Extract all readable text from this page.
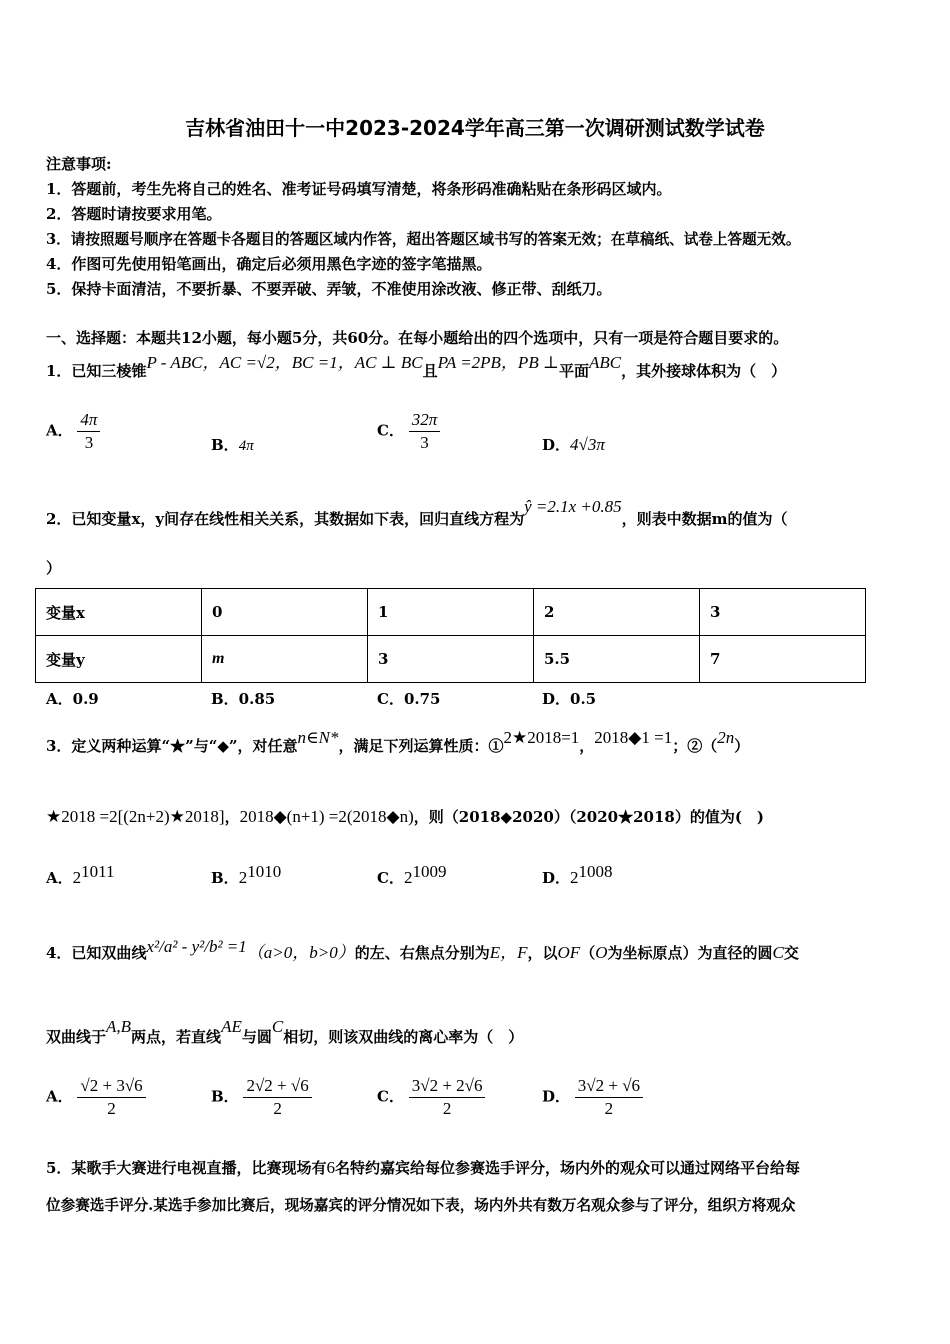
吉林省油田十一中2023-2024学年高三第一次调研测试数学试卷
注意事项:
1．答题前，考生先将自己的姓名、准考证号码填写清楚，将条形码准确粘贴在条形码区域内。
2．答题时请按要求用笔。
3．请按照题号顺序在答题卡各题目的答题区域内作答，超出答题区域书写的答案无效；在草稿纸、试卷上答题无效。
4．作图可先使用铅笔画出，确定后必须用黑色字迹的签字笔描黑。
5．保持卡面清洁，不要折暴、不要弄破、弄皱，不准使用涂改液、修正带、刮纸刀。
一、选择题：本题共12小题，每小题5分，共60分。在每小题给出的四个选项中，只有一项是符合题目要求的。
1．已知三棱锥P - ABC，AC =√2，BC =1，AC ⊥ BC且PA =2PB，PB ⊥平面ABC，其外接球体积为（　）
A． $\frac{4\pi}{3}$	B．4π
C． $\frac{32\pi}{3}$	D．4√3π
2．已知变量x，y间存在线性相关关系，其数据如下表，回归直线方程为ŷ =2.1x +0.85，则表中数据m的值为（
）
变量x	0	1	2	3
变量y	m	3	5.5	7
A．0.9	B．0.85	C．0.75	D．0.5
3．定义两种运算“★”与“◆”，对任意n∈N*，满足下列运算性质：①2★2018=1，2018◆1 =1；②（2n）
★2018 =2[(2n+2)★2018]，2018◆(n+1) =2(2018◆n)，则（2018◆2020）（2020★2018）的值为(　)
A．$2^{1011}$	B．$2^{1010}$	C．$2^{1009}$	D．$2^{1008}$
4．已知双曲线x²/a² - y²/b² =1（a>0，b>0）的左、右焦点分别为E，F，以OF（O为坐标原点）为直径的圆C交
双曲线于A,B两点，若直线AE与圆C相切，则该双曲线的离心率为（　）
A． $\frac{√2 + 3√6}{2}$	B． $\frac{2√2 + √6}{2}$	C． $\frac{3√2 + 2√6}{2}$	D． $\frac{3√2 + √6}{2}$
5．某歌手大赛进行电视直播，比赛现场有6名特约嘉宾给每位参赛选手评分，场内外的观众可以通过网络平台给每
位参赛选手评分.某选手参加比赛后，现场嘉宾的评分情况如下表，场内外共有数万名观众参与了评分，组织方将观众
